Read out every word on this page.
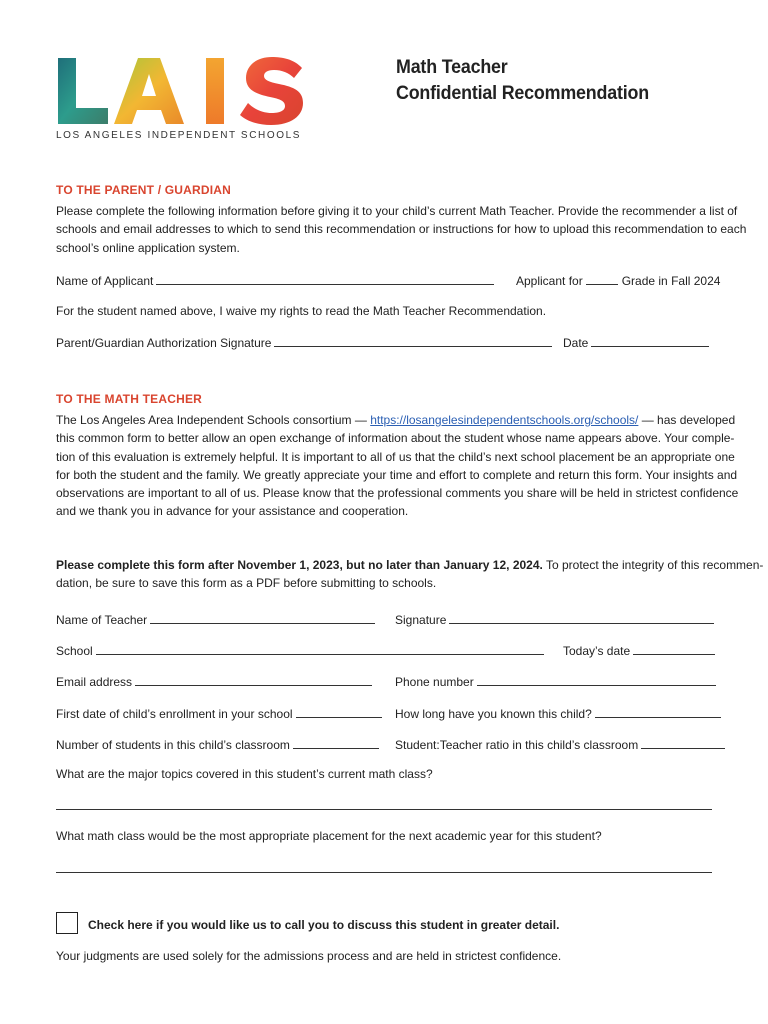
LOS ANGELES INDEPENDENT SCHOOLS
Math Teacher
Confidential Recommendation
TO THE PARENT / GUARDIAN
Please complete the following information before giving it to your child’s current Math Teacher. Provide the recommender a list of
schools and email addresses to which to send this recommendation or instructions for how to upload this recommendation to each
school’s online application system.
Name of Applicant	Applicant for	Grade in Fall 2024
For the student named above, I waive my rights to read the Math Teacher Recommendation.
Parent/Guardian Authorization Signature	Date
TO THE MATH TEACHER
The Los Angeles Area Independent Schools consortium — https://losangelesindependentschools.org/schools/ — has developed
this common form to better allow an open exchange of information about the student whose name appears above. Your comple-
tion of this evaluation is extremely helpful. It is important to all of us that the child’s next school placement be an appropriate one
for both the student and the family. We greatly appreciate your time and effort to complete and return this form. Your insights and
observations are important to all of us. Please know that the professional comments you share will be held in strictest confidence
and we thank you in advance for your assistance and cooperation.
Please complete this form after November 1, 2023, but no later than January 12, 2024. To protect the integrity of this recommen-
dation, be sure to save this form as a PDF before submitting to schools.
Name of Teacher	Signature
School	Today’s date
Email address	Phone number
First date of child’s enrollment in your school	How long have you known this child?
Number of students in this child’s classroom	Student:Teacher ratio in this child’s classroom
What are the major topics covered in this student’s current math class?
What math class would be the most appropriate placement for the next academic year for this student?
Check here if you would like us to call you to discuss this student in greater detail.
Your judgments are used solely for the admissions process and are held in strictest confidence.
